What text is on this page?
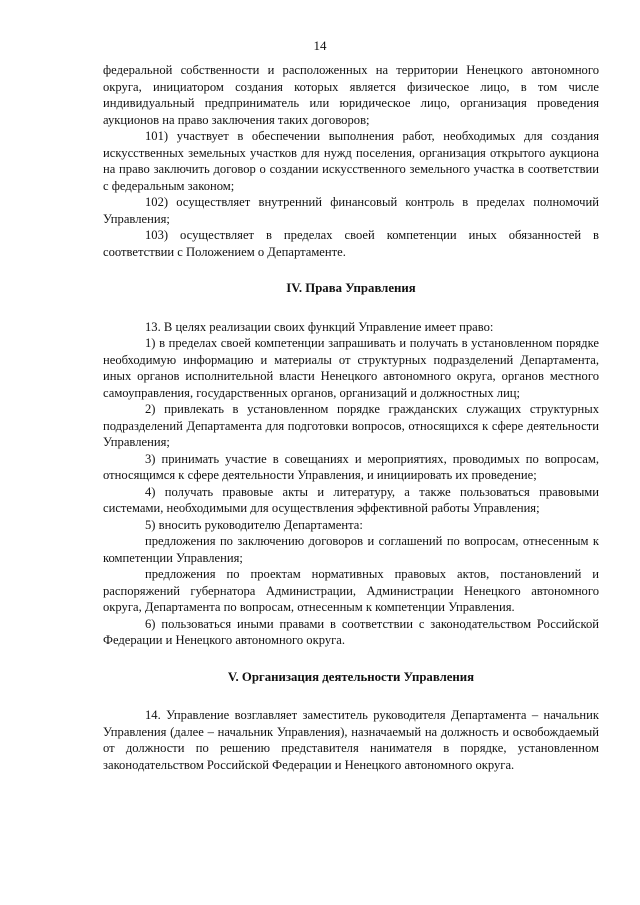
14

федеральной собственности и расположенных на территории Ненецкого автономного округа, инициатором создания которых является физическое лицо, в том числе индивидуальный предприниматель или юридическое лицо, организация проведения аукционов на право заключения таких договоров;

101) участвует в обеспечении выполнения работ, необходимых для создания искусственных земельных участков для нужд поселения, организация открытого аукциона на право заключить договор о создании искусственного земельного участка в соответствии с федеральным законом;

102) осуществляет внутренний финансовый контроль в пределах полномочий Управления;

103) осуществляет в пределах своей компетенции иных обязанностей в соответствии с Положением о Департаменте.

IV. Права Управления

13. В целях реализации своих функций Управление имеет право:

1) в пределах своей компетенции запрашивать и получать в установленном порядке необходимую информацию и материалы от структурных подразделений Департамента, иных органов исполнительной власти Ненецкого автономного округа, органов местного самоуправления, государственных органов, организаций и должностных лиц;

2) привлекать в установленном порядке гражданских служащих структурных подразделений Департамента для подготовки вопросов, относящихся к сфере деятельности Управления;

3) принимать участие в совещаниях и мероприятиях, проводимых по вопросам, относящимся к сфере деятельности Управления, и инициировать их проведение;

4) получать правовые акты и литературу, а также пользоваться правовыми системами, необходимыми для осуществления эффективной работы Управления;

5) вносить руководителю Департамента:

предложения по заключению договоров и соглашений по вопросам, отнесенным к компетенции Управления;

предложения по проектам нормативных правовых актов, постановлений и распоряжений губернатора Администрации, Администрации Ненецкого автономного округа, Департамента по вопросам, отнесенным к компетенции Управления.

6) пользоваться иными правами в соответствии с законодательством Российской Федерации и Ненецкого автономного округа.

V. Организация деятельности Управления

14. Управление возглавляет заместитель руководителя Департамента – начальник Управления (далее – начальник Управления), назначаемый на должность и освобождаемый от должности по решению представителя нанимателя в порядке, установленном законодательством Российской Федерации и Ненецкого автономного округа.
